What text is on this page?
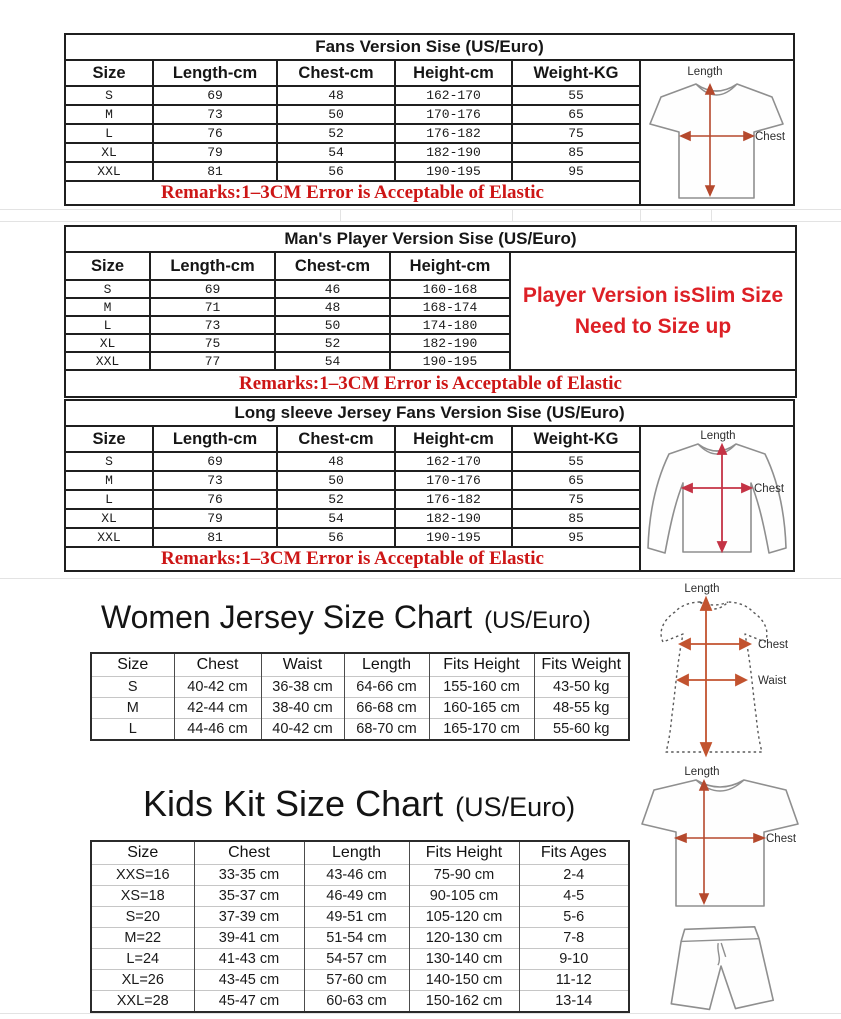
Fans Version Sise (US/Euro)
Size	Length-cm	Chest-cm	Height-cm	Weight-KG
S	69	48	162-170	55
M	73	50	170-176	65
L	76	52	176-182	75
XL	79	54	182-190	85
XXL	81	56	190-195	95
Remarks:1–3CM Error is Acceptable of Elastic				
Length
Chest
Man's Player Version Sise (US/Euro)
Size	Length-cm	Chest-cm	Height-cm
S	69	46	160-168
M	71	48	168-174
L	73	50	174-180
XL	75	52	182-190
XXL	77	54	190-195
Player Version isSlim Size
Need to Size up
Remarks:1–3CM Error is Acceptable of Elastic
Long sleeve Jersey Fans Version Sise (US/Euro)
Size	Length-cm	Chest-cm	Height-cm	Weight-KG
S	69	48	162-170	55
M	73	50	170-176	65
L	76	52	176-182	75
XL	79	54	182-190	85
XXL	81	56	190-195	95
Remarks:1–3CM Error is Acceptable of Elastic				
Length
Chest
Women Jersey Size Chart (US/Euro)
Size	Chest	Waist	Length	Fits Height	Fits Weight
S	40-42 cm	36-38 cm	64-66 cm	155-160 cm	43-50 kg
M	42-44 cm	38-40 cm	66-68 cm	160-165 cm	48-55 kg
L	44-46 cm	40-42 cm	68-70 cm	165-170 cm	55-60 kg
Length
Chest
Waist
Kids Kit Size Chart (US/Euro)
Size	Chest	Length	Fits Height	Fits Ages
XXS=16	33-35 cm	43-46 cm	75-90 cm	2-4
XS=18	35-37 cm	46-49 cm	90-105 cm	4-5
S=20	37-39 cm	49-51 cm	105-120 cm	5-6
M=22	39-41 cm	51-54 cm	120-130 cm	7-8
L=24	41-43 cm	54-57 cm	130-140 cm	9-10
XL=26	43-45 cm	57-60 cm	140-150 cm	11-12
XXL=28	45-47 cm	60-63 cm	150-162 cm	13-14
Length
Chest
